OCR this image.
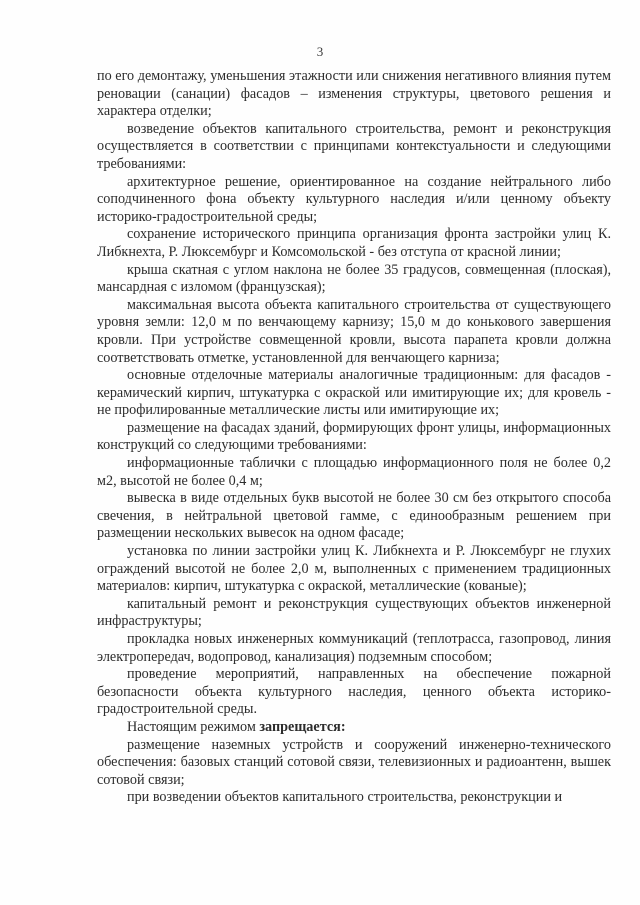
3

по его демонтажу, уменьшения этажности или снижения негативного влияния путем реновации (санации) фасадов – изменения структуры, цветового решения и характера отделки;

возведение объектов капитального строительства, ремонт и реконструкция осуществляется в соответствии с принципами контекстуальности и следующими требованиями:

архитектурное решение, ориентированное на создание нейтрального либо соподчиненного фона объекту культурного наследия и/или ценному объекту историко-градостроительной среды;

сохранение исторического принципа организация фронта застройки улиц К. Либкнехта, Р. Люксембург и Комсомольской - без отступа от красной линии;

крыша скатная с углом наклона не более 35 градусов, совмещенная (плоская), мансардная с изломом (французская);

максимальная высота объекта капитального строительства от существующего уровня земли: 12,0 м по венчающему карнизу; 15,0 м до конькового завершения кровли. При устройстве совмещенной кровли, высота парапета кровли должна соответствовать отметке, установленной для венчающего карниза;

основные отделочные материалы аналогичные традиционным: для фасадов - керамический кирпич, штукатурка с окраской или имитирующие их; для кровель - не профилированные металлические листы или имитирующие их;

размещение на фасадах зданий, формирующих фронт улицы, информационных конструкций со следующими требованиями:

информационные таблички с площадью информационного поля не более 0,2 м2, высотой не более 0,4 м;

вывеска в виде отдельных букв высотой не более 30 см без открытого способа свечения, в нейтральной цветовой гамме, с единообразным решением при размещении нескольких вывесок на одном фасаде;

установка по линии застройки улиц К. Либкнехта и Р. Люксембург не глухих ограждений высотой не более 2,0 м, выполненных с применением традиционных материалов: кирпич, штукатурка с окраской, металлические (кованые);

капитальный ремонт и реконструкция существующих объектов инженерной инфраструктуры;

прокладка новых инженерных коммуникаций (теплотрасса, газопровод, линия электропередач, водопровод, канализация) подземным способом;

проведение мероприятий, направленных на обеспечение пожарной безопасности объекта культурного наследия, ценного объекта историко-градостроительной среды.

Настоящим режимом запрещается:

размещение наземных устройств и сооружений инженерно-технического обеспечения: базовых станций сотовой связи, телевизионных и радиоантенн, вышек сотовой связи;

при возведении объектов капитального строительства, реконструкции и
